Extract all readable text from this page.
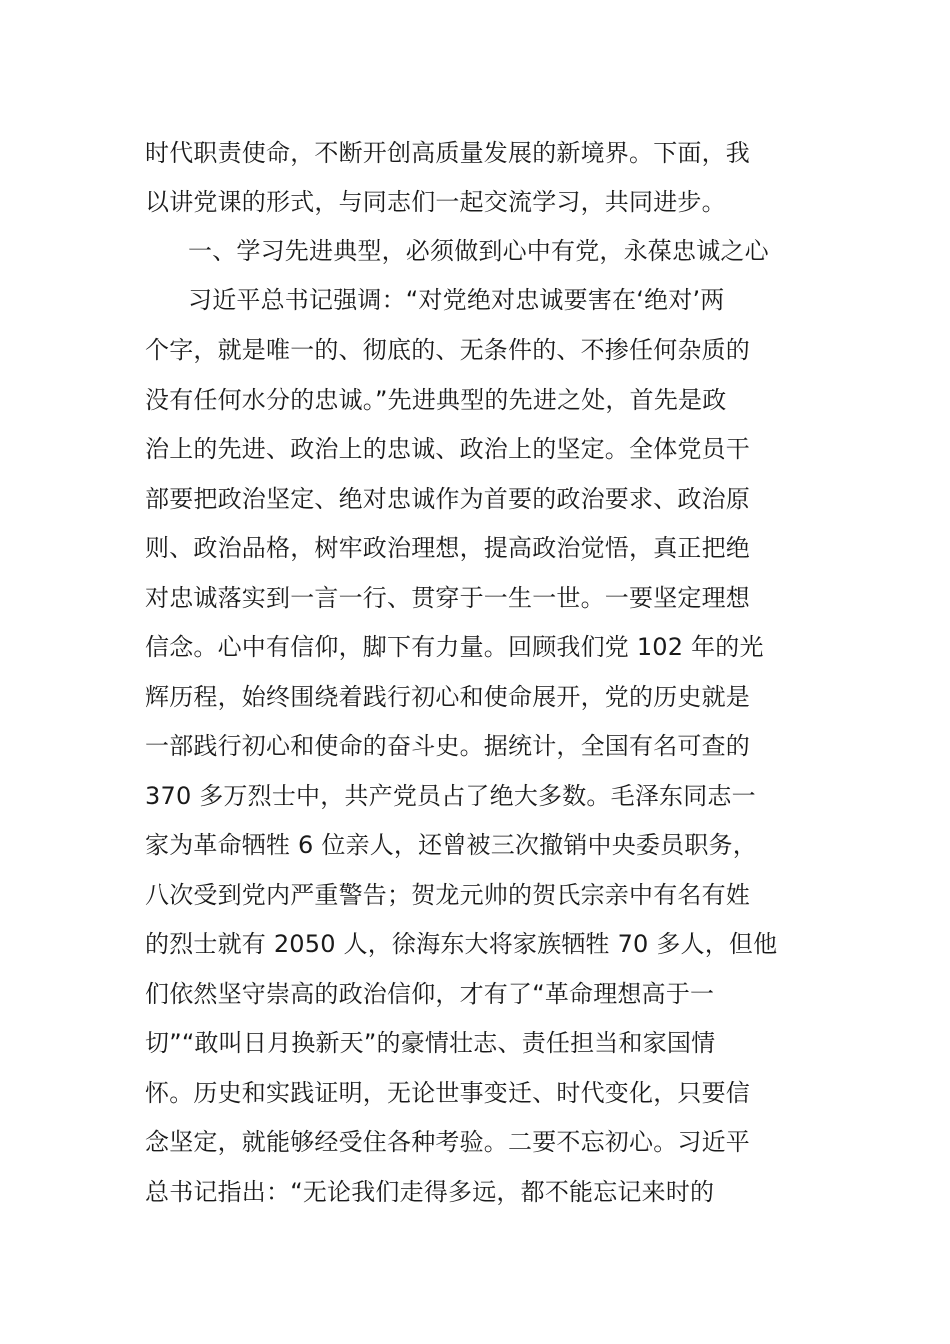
时代职责使命，不断开创高质量发展的新境界。下面，我
以讲党课的形式，与同志们一起交流学习，共同进步。
一、学习先进典型，必须做到心中有党，永葆忠诚之心
习近平总书记强调：“对党绝对忠诚要害在‘绝对’两
个字，就是唯一的、彻底的、无条件的、不掺任何杂质的
没有任何水分的忠诚。”先进典型的先进之处，首先是政
治上的先进、政治上的忠诚、政治上的坚定。全体党员干
部要把政治坚定、绝对忠诚作为首要的政治要求、政治原
则、政治品格，树牢政治理想，提高政治觉悟，真正把绝
对忠诚落实到一言一行、贯穿于一生一世。一要坚定理想
信念。心中有信仰，脚下有力量。回顾我们党 102 年的光
辉历程，始终围绕着践行初心和使命展开，党的历史就是
一部践行初心和使命的奋斗史。据统计，全国有名可查的
370 多万烈士中，共产党员占了绝大多数。毛泽东同志一
家为革命牺牲 6 位亲人，还曾被三次撤销中央委员职务，
八次受到党内严重警告；贺龙元帅的贺氏宗亲中有名有姓
的烈士就有 2050 人，徐海东大将家族牺牲 70 多人，但他
们依然坚守崇高的政治信仰，才有了“革命理想高于一
切”“敢叫日月换新天”的豪情壮志、责任担当和家国情
怀。历史和实践证明，无论世事变迁、时代变化，只要信
念坚定，就能够经受住各种考验。二要不忘初心。习近平
总书记指出：“无论我们走得多远，都不能忘记来时的
